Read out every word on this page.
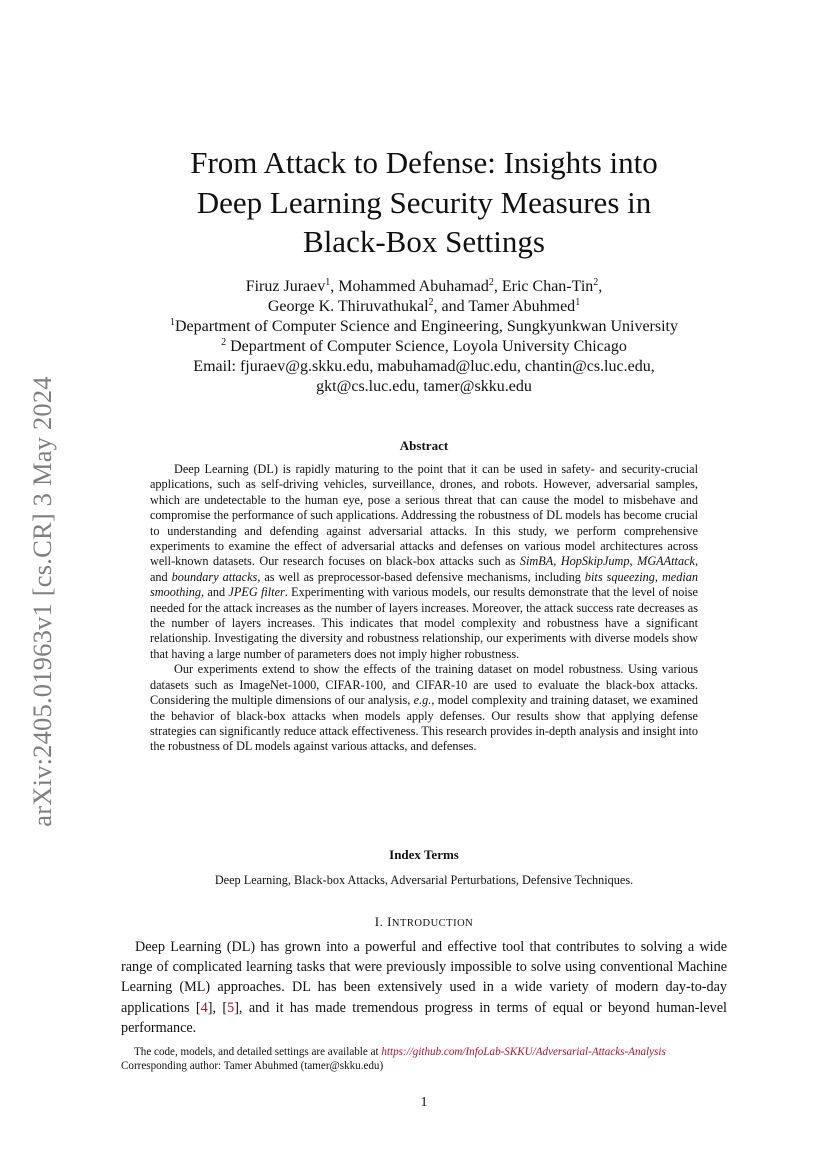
arXiv:2405.01963v1 [cs.CR] 3 May 2024
From Attack to Defense: Insights into
Deep Learning Security Measures in
Black-Box Settings
Firuz Juraev$^1$, Mohammed Abuhamad$^2$, Eric Chan-Tin$^2$,
George K. Thiruvathukal$^2$, and Tamer Abuhmed$^1$
$^1$Department of Computer Science and Engineering, Sungkyunkwan University
$^2$ Department of Computer Science, Loyola University Chicago
Email: fjuraev@g.skku.edu, mabuhamad@luc.edu, chantin@cs.luc.edu,
gkt@cs.luc.edu, tamer@skku.edu
Abstract

Deep Learning (DL) is rapidly maturing to the point that it can be used in safety- and security-crucial applications, such as self-driving vehicles, surveillance, drones, and robots. However, adversarial samples, which are undetectable to the human eye, pose a serious threat that can cause the model to misbehave and compromise the performance of such applications. Addressing the robustness of DL models has become crucial to understanding and defending against adversarial attacks. In this study, we perform comprehensive experiments to examine the effect of adversarial attacks and defenses on various model architectures across well-known datasets. Our research focuses on black-box attacks such as SimBA, HopSkipJump, MGAAttack, and boundary attacks, as well as preprocessor-based defensive mechanisms, including bits squeezing, median smoothing, and JPEG filter. Experimenting with various models, our results demonstrate that the level of noise needed for the attack increases as the number of layers increases. Moreover, the attack success rate decreases as the number of layers increases. This indicates that model complexity and robustness have a significant relationship. Investigating the diversity and robustness relationship, our experiments with diverse models show that having a large number of parameters does not imply higher robustness.

Our experiments extend to show the effects of the training dataset on model robustness. Using various datasets such as ImageNet-1000, CIFAR-100, and CIFAR-10 are used to evaluate the black-box attacks. Considering the multiple dimensions of our analysis, e.g., model complexity and training dataset, we examined the behavior of black-box attacks when models apply defenses. Our results show that applying defense strategies can significantly reduce attack effectiveness. This research provides in-depth analysis and insight into the robustness of DL models against various attacks, and defenses.

Index Terms
Deep Learning, Black-box Attacks, Adversarial Perturbations, Defensive Techniques.
I. INTRODUCTION

Deep Learning (DL) has grown into a powerful and effective tool that contributes to solving a wide range of complicated learning tasks that were previously impossible to solve using conventional Machine Learning (ML) approaches. DL has been extensively used in a wide variety of modern day-to-day applications [4], [5], and it has made tremendous progress in terms of equal or beyond human-level performance.

The code, models, and detailed settings are available at https://github.com/InfoLab-SKKU/Adversarial-Attacks-Analysis
Corresponding author: Tamer Abuhmed (tamer@skku.edu)
1
